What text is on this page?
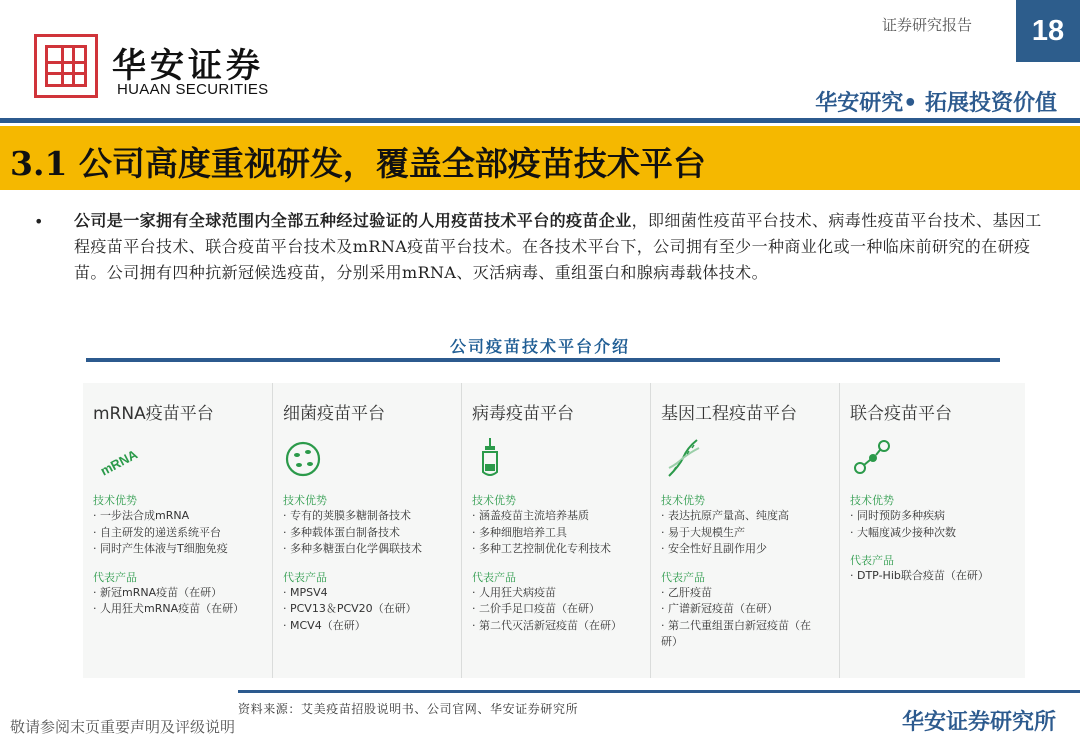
华安证券
HUAAN SECURITIES
证券研究报告	18
华安研究• 拓展投资价值
3.1 公司高度重视研发，覆盖全部疫苗技术平台
• 公司是一家拥有全球范围内全部五种经过验证的人用疫苗技术平台的疫苗企业，即细菌性疫苗平台技术、病毒性疫苗平台技术、基因工程疫苗平台技术、联合疫苗平台技术及mRNA疫苗平台技术。在各技术平台下，公司拥有至少一种商业化或一种临床前研究的在研疫苗。公司拥有四种抗新冠候选疫苗，分别采用mRNA、灭活病毒、重组蛋白和腺病毒载体技术。
公司疫苗技术平台介绍
mRNA疫苗平台
mRNA
技术优势
· 一步法合成mRNA
· 自主研发的递送系统平台
· 同时产生体液与T细胞免疫
代表产品
· 新冠mRNA疫苗（在研）
· 人用狂犬mRNA疫苗（在研）
细菌疫苗平台
技术优势
· 专有的荚膜多糖制备技术
· 多种载体蛋白制备技术
· 多种多糖蛋白化学偶联技术
代表产品
· MPSV4
· PCV13＆PCV20（在研）
· MCV4（在研）
病毒疫苗平台
技术优势
· 涵盖疫苗主流培养基质
· 多种细胞培养工具
· 多种工艺控制优化专利技术
代表产品
· 人用狂犬病疫苗
· 二价手足口疫苗（在研）
· 第二代灭活新冠疫苗（在研）
基因工程疫苗平台
技术优势
· 表达抗原产量高、纯度高
· 易于大规模生产
· 安全性好且副作用少
代表产品
· 乙肝疫苗
· 广谱新冠疫苗（在研）
· 第二代重组蛋白新冠疫苗（在研）
联合疫苗平台
技术优势
· 同时预防多种疾病
· 大幅度减少接种次数
代表产品
· DTP-Hib联合疫苗（在研）
资料来源：艾美疫苗招股说明书、公司官网、华安证券研究所
敬请参阅末页重要声明及评级说明	华安证券研究所
